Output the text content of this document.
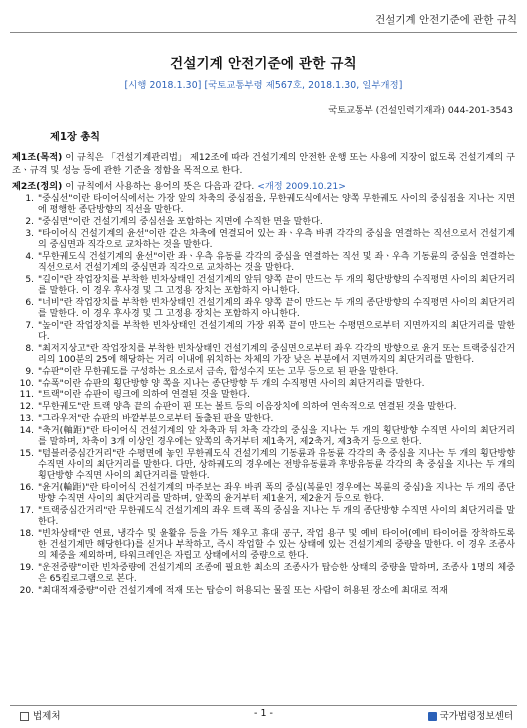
건설기계 안전기준에 관한 규칙
건설기계 안전기준에 관한 규칙
[시행 2018.1.30] [국토교통부령 제567호, 2018.1.30, 일부개정]
국토교통부 (건설인력기재과) 044-201-3543
제1장 총칙
제1조(목적) 이 규칙은 「건설기계관리법」 제12조에 따라 건설기계의 안전한 운행 또는 사용에 지장이 없도록 건설기계의 구조ㆍ규격 및 성능 등에 관한 기준을 정함을 목적으로 한다.
제2조(정의) 이 규칙에서 사용하는 용어의 뜻은 다음과 같다. <개정 2009.10.21>
1. "중심선"이란 타이어식에서는 가장 앞의 차축의 중심점을, 무한궤도식에서는 양쪽 무한궤도 사이의 중심점을 지나는 지면에 평행한 종단방향의 직선을 말한다.
2. "중심면"이란 건설기계의 중심선을 포함하는 지면에 수직한 면을 말한다.
3. "타이어식 건설기계의 윤선"이란 같은 차축에 연결되어 있는 좌ㆍ우측 바퀴 각각의 중심을 연결하는 직선으로서 건설기계의 중심면과 직각으로 교차하는 것을 말한다.
4. "무한궤도식 건설기계의 윤선"이란 좌ㆍ우측 유동륜 각각의 중심을 연결하는 직선 및 좌ㆍ우측 기동륜의 중심을 연결하는 직선으로서 건설기계의 중심면과 직각으로 교차하는 것을 말한다.
5. "길이"란 작업장치를 부착한 빈차상태인 건설기계의 앞뒤 양쪽 끝이 만드는 두 개의 횡단방향의 수직평면 사이의 최단거리를 말한다. 이 경우 후사경 및 그 고정용 장치는 포함하지 아니한다.
6. "너비"란 작업장치를 부착한 빈차상태인 건설기계의 좌우 양쪽 끝이 만드는 두 개의 종단방향의 수직평면 사이의 최단거리를 말한다. 이 경우 후사경 및 그 고정용 장치는 포함하지 아니한다.
7. "높이"란 작업장치를 부착한 빈차상태인 건설기계의 가장 위쪽 끝이 만드는 수평면으로부터 지면까지의 최단거리를 말한다.
8. "최저지상고"란 작업장치를 부착한 빈차상태인 건설기계의 중심면으로부터 좌우 각각의 방향으로 윤거 또는 트랙중심간거리의 100분의 25에 해당하는 거리 이내에 위치하는 차체의 가장 낮은 부분에서 지면까지의 최단거리를 말한다.
9. "슈판"이란 무한궤도를 구성하는 요소로서 금속, 합성수지 또는 고무 등으로 된 판을 말한다.
10. "슈폭"이란 슈판의 횡단방향 양 쪽을 지나는 종단방향 두 개의 수직평면 사이의 최단거리를 말한다.
11. "트랙"이란 슈판이 링크에 의하여 연결된 것을 말한다.
12. "무한궤도"란 트랙 양측 끝의 슈판이 핀 또는 볼트 등의 이음장치에 의하여 연속적으로 연결된 것을 말한다.
13. "그라우저"란 슈판의 바깥부분으로부터 돌출된 판을 말한다.
14. "축거(軸距)"란 타이어식 건설기계의 앞 차축과 뒤 차축 각각의 중심을 지나는 두 개의 횡단방향 수직면 사이의 최단거리를 말하며, 차축이 3개 이상인 경우에는 앞쪽의 축거부터 제1축거, 제2축거, 제3축거 등으로 한다.
15. "텀블러중심간거리"란 수평면에 놓인 무한궤도식 건설기계의 기동륜과 유동륜 각각의 축 중심을 지나는 두 개의 횡단방향 수직면 사이의 최단거리를 말한다. 다만, 상하궤도의 경우에는 전방유동륜과 후방유동륜 각각의 축 중심을 지나는 두 개의 횡단방향 수직면 사이의 최단거리를 말한다.
16. "윤거(輪距)"란 타이어식 건설기계의 마주보는 좌우 바퀴 폭의 중심(복륜인 경우에는 복륜의 중심)을 지나는 두 개의 종단방향 수직면 사이의 최단거리를 말하며, 앞쪽의 윤거부터 제1윤거, 제2윤거 등으로 한다.
17. "트랙중심간거리"란 무한궤도식 건설기계의 좌우 트랙 폭의 중심을 지나는 두 개의 종단방향 수직면 사이의 최단거리를 말한다.
18. "빈차상태"란 연료, 냉각수 및 윤활유 등을 가득 채우고 휴대 공구, 작업 용구 및 예비 타이어(예비 타이어를 장착하도록 한 건설기계만 해당한다)를 싣거나 부착하고, 즉시 작업할 수 있는 상태에 있는 건설기계의 중량을 말한다. 이 경우 조종사의 체중을 제외하며, 타워크레인은 자립고 상태에서의 중량으로 한다.
19. "운전중량"이란 빈차중량에 건설기계의 조종에 필요한 최소의 조종사가 탑승한 상태의 중량을 말하며, 조종사 1명의 체중은 65킬로그램으로 본다.
20. "최대적재중량"이란 건설기계에 적재 또는 탑승이 허용되는 물질 또는 사람이 허용된 장소에 최대로 적재
법제처	- 1 -	국가법령정보센터
